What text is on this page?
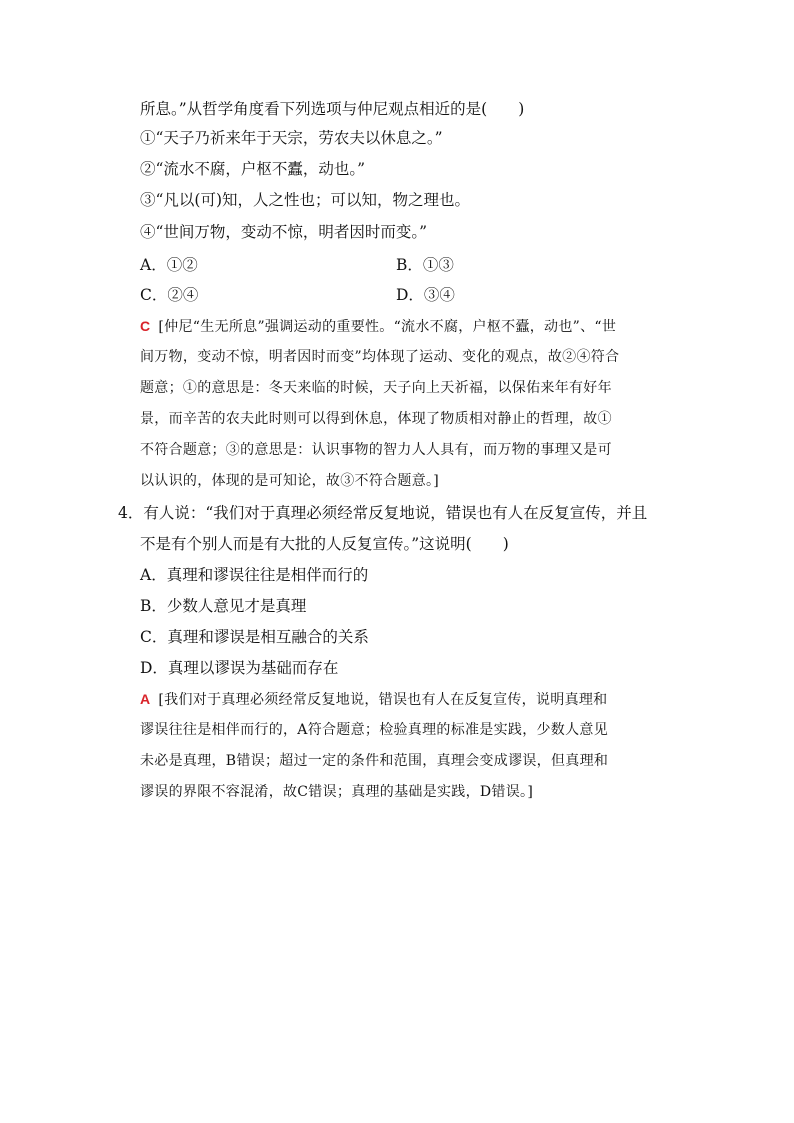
所息。”从哲学角度看下列选项与仲尼观点相近的是(　　)
①“天子乃祈来年于天宗，劳农夫以休息之。”
②“流水不腐，户枢不蠹，动也。”
③“凡以(可)知，人之性也；可以知，物之理也。
④“世间万物，变动不惊，明者因时而变。”
A．①②	B．①③
C．②④	D．③④
C [仲尼“生无所息”强调运动的重要性。“流水不腐，户枢不蠹，动也”、“世
间万物，变动不惊，明者因时而变”均体现了运动、变化的观点，故②④符合
题意；①的意思是：冬天来临的时候，天子向上天祈福，以保佑来年有好年
景，而辛苦的农夫此时则可以得到休息，体现了物质相对静止的哲理，故①
不符合题意；③的意思是：认识事物的智力人人具有，而万物的事理又是可
以认识的，体现的是可知论，故③不符合题意。]
4．有人说：“我们对于真理必须经常反复地说，错误也有人在反复宣传，并且
不是有个别人而是有大批的人反复宣传。”这说明(　　)
A．真理和谬误往往是相伴而行的
B．少数人意见才是真理
C．真理和谬误是相互融合的关系
D．真理以谬误为基础而存在
A [我们对于真理必须经常反复地说，错误也有人在反复宣传，说明真理和
谬误往往是相伴而行的，A符合题意；检验真理的标准是实践，少数人意见
未必是真理，B错误；超过一定的条件和范围，真理会变成谬误，但真理和
谬误的界限不容混淆，故C错误；真理的基础是实践，D错误。]
